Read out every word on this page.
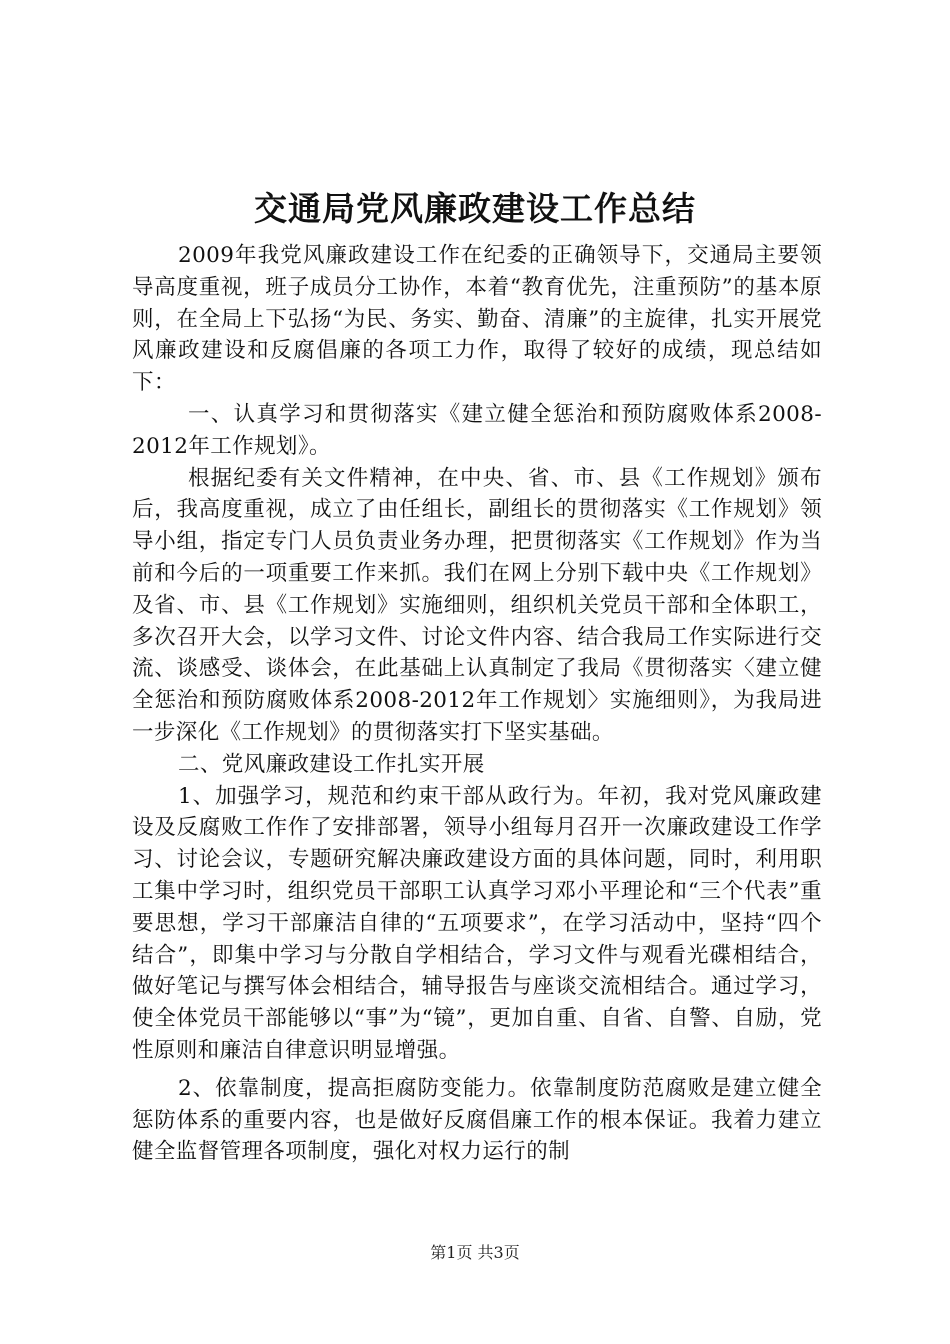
交通局党风廉政建设工作总结

2009年我党风廉政建设工作在纪委的正确领导下，交通局主要领导高度重视，班子成员分工协作，本着“教育优先，注重预防”的基本原则，在全局上下弘扬“为民、务实、勤奋、清廉”的主旋律，扎实开展党风廉政建设和反腐倡廉的各项工力作，取得了较好的成绩，现总结如下：

一、认真学习和贯彻落实《建立健全惩治和预防腐败体系2008-2012年工作规划》。

根据纪委有关文件精神，在中央、省、市、县《工作规划》颁布后，我高度重视，成立了由任组长，副组长的贯彻落实《工作规划》领导小组，指定专门人员负责业务办理，把贯彻落实《工作规划》作为当前和今后的一项重要工作来抓。我们在网上分别下载中央《工作规划》及省、市、县《工作规划》实施细则，组织机关党员干部和全体职工，多次召开大会，以学习文件、讨论文件内容、结合我局工作实际进行交流、谈感受、谈体会，在此基础上认真制定了我局《贯彻落实〈建立健全惩治和预防腐败体系2008-2012年工作规划〉实施细则》，为我局进一步深化《工作规划》的贯彻落实打下坚实基础。

二、党风廉政建设工作扎实开展

1、加强学习，规范和约束干部从政行为。年初，我对党风廉政建设及反腐败工作作了安排部署，领导小组每月召开一次廉政建设工作学习、讨论会议，专题研究解决廉政建设方面的具体问题，同时，利用职工集中学习时，组织党员干部职工认真学习邓小平理论和“三个代表”重要思想，学习干部廉洁自律的“五项要求”，在学习活动中，坚持“四个结合”，即集中学习与分散自学相结合，学习文件与观看光碟相结合，做好笔记与撰写体会相结合，辅导报告与座谈交流相结合。通过学习，使全体党员干部能够以“事”为“镜”，更加自重、自省、自警、自励，党性原则和廉洁自律意识明显增强。

2、依靠制度，提高拒腐防变能力。依靠制度防范腐败是建立健全惩防体系的重要内容，也是做好反腐倡廉工作的根本保证。我着力建立健全监督管理各项制度，强化对权力运行的制

第1页 共3页
